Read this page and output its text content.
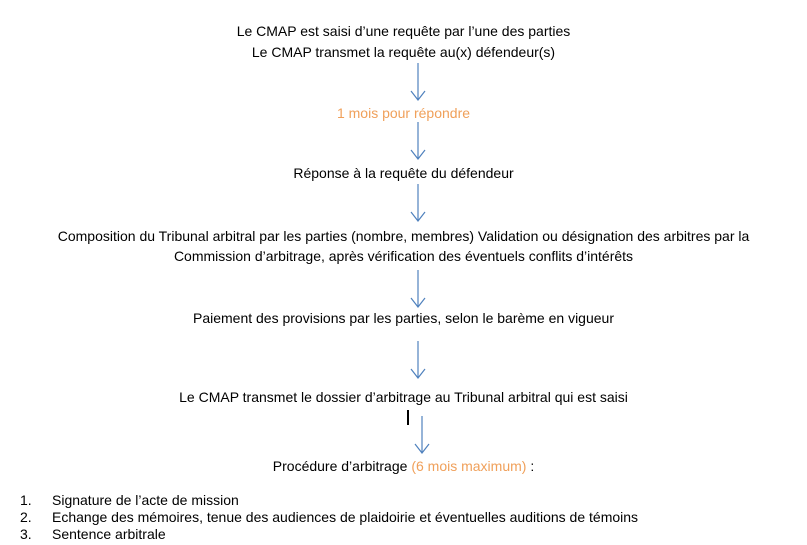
Le CMAP est saisi d’une requête par l’une des parties
Le CMAP transmet la requête au(x) défendeur(s)
1 mois pour répondre
Réponse à la requête du défendeur
Composition du Tribunal arbitral par les parties (nombre, membres) Validation ou désignation des arbitres par la
Commission d’arbitrage, après vérification des éventuels conflits d’intérêts
Paiement des provisions par les parties, selon le barème en vigueur
Le CMAP transmet le dossier d’arbitrage au Tribunal arbitral qui est saisi
Procédure d’arbitrage (6 mois maximum) :
1.	Signature de l’acte de mission
2.	Echange des mémoires, tenue des audiences de plaidoirie et éventuelles auditions de témoins
3.	Sentence arbitrale
